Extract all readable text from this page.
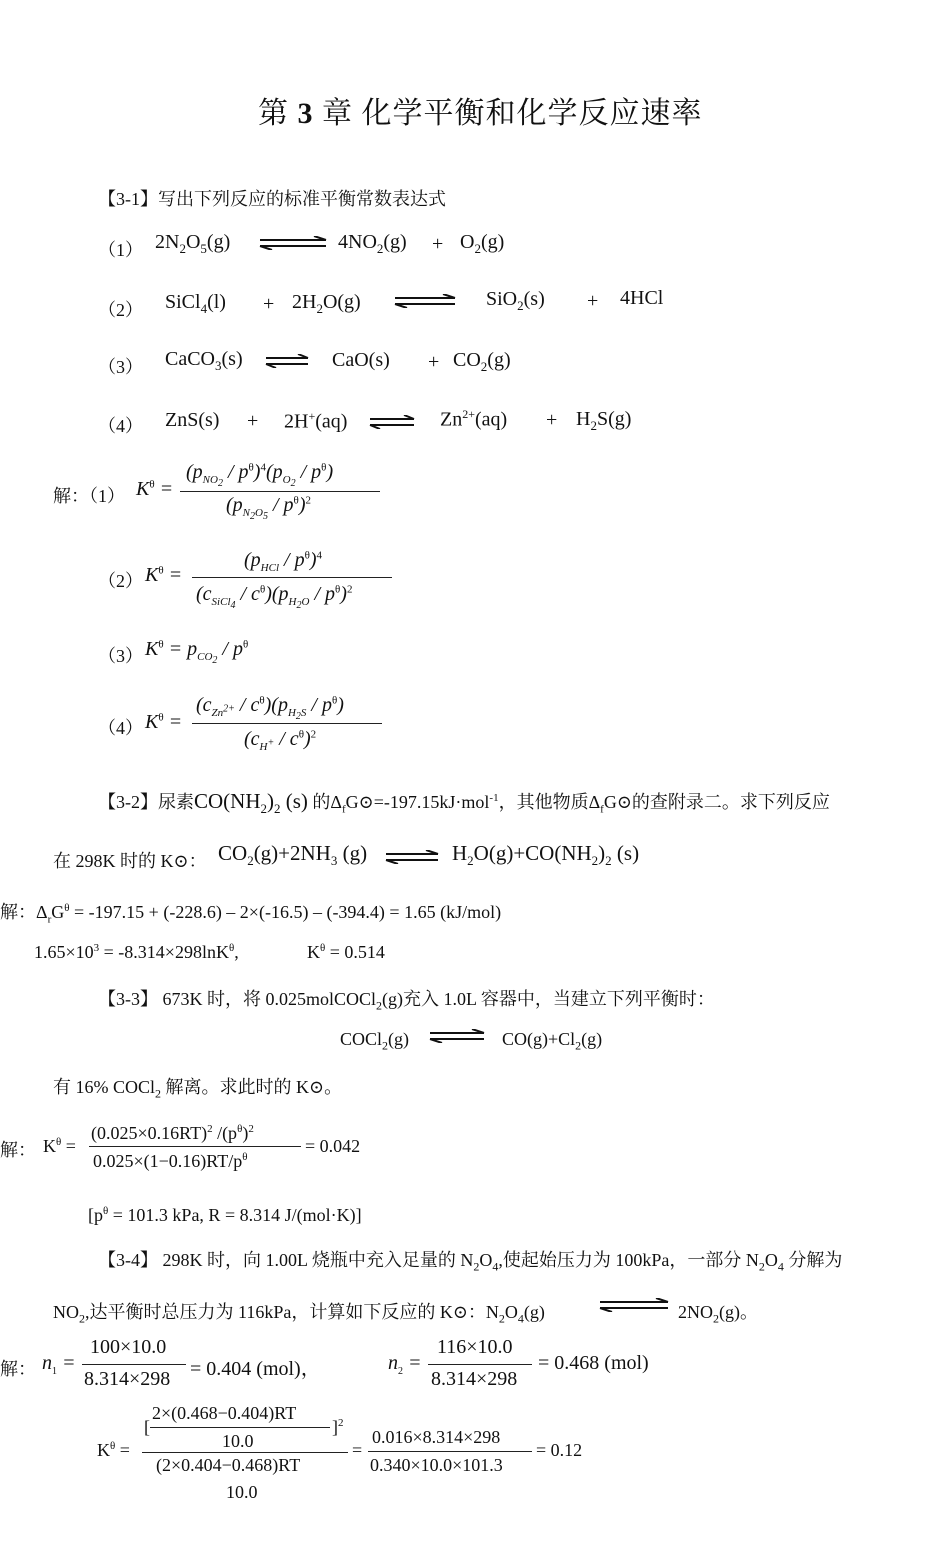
第 3 章 化学平衡和化学反应速率
【3-1】写出下列反应的标准平衡常数表达式
（1） $2N_2O_5(g)$ ⇌ $4NO_2(g) + O_2(g)$
（2） SiCl$_4$(l) + $2H_2O(g)$ ⇌ SiO$_2$(s) + 4HCl
（3） CaCO$_3$(s) ⇌ $CaO(s) + CO_2(g)$
（4） ZnS(s) + 2H+(aq) ⇌ $Zn^{2+}(aq) + H_2S(g)$
解：（1） $K^\theta$ =
$(p_{NO_2} / p^\theta)^4(p_{O_2} / p^\theta)$
$(p_{N_2O_5} / p^\theta)^2$
（2） $K^\theta$ =
$(p_{HCl} / p^\theta)^4$
$(c_{SiCl_4} / c^\theta)(p_{H_2O} / p^\theta)^2$
（3） $K^\theta = p_{CO_2} / p^\theta$
（4） $K^\theta$ =
$(c_{Zn^{2+}} / c^\theta)(p_{H_2S} / p^\theta)$
$(c_{H^+} / c^\theta)^2$
【3-2】尿素$CO(NH_2)_2$ (s) 的$\Delta_fG⊙=-197.15kJ\cdot mol^{-1}$，其他物质$\Delta_fG⊙$的查附录二。求下列反应
在 298K 时的 K⊙： $CO_2(g)+2NH_3$ (g) ⇌ $H_2O(g)+CO(NH_2)_2$ (s)
解：$\Delta_rG^\theta = -197.15 + (-228.6) - 2\times(-16.5) - (-394.4) = 1.65$ (kJ/mol)
$1.65\times 10^3 = -8.314\times 298\ln K^\theta$,	$K^\theta = 0.514$
【3-3】 673K 时，将 0.025molCOCl$_2$(g)充入 1.0L 容器中，当建立下列平衡时：
COCl$_2$(g) ⇌ $CO(g)+Cl_2(g)$
有 16% COCl$_2$ 解离。求此时的 K⊙。
解： $K^\theta$ =
$(0.025\times 0.16RT)^2$ $/(p^\theta)^2$
$0.025\times(1-0.16)RT/p^\theta$
= 0.042
[$p^\theta = 101.3$ kPa, R = 8.314 J/(mol·K)]
【3-4】 298K 时，向 1.00L 烧瓶中充入足量的 $N_2O_4$,使起始压力为 100kPa，一部分 $N_2O_4$ 分解为
$NO_2$,达平衡时总压力为 116kPa，计算如下反应的 K⊙：$N_2O_4(g)$	$2NO_2(g)$。
解： $n_1$ =
100×10.0
8.314×298 = 0.404 (mol)，	$n_2$ =
116×10.0
8.314×298
= 0.468 (mol)
$K^\theta$ =
[
2×(0.468−0.404)RT
10.0
]$^2$
(2×0.404−0.468)RT
10.0
=
0.016×8.314×298
0.340×10.0×101.3
= 0.12
